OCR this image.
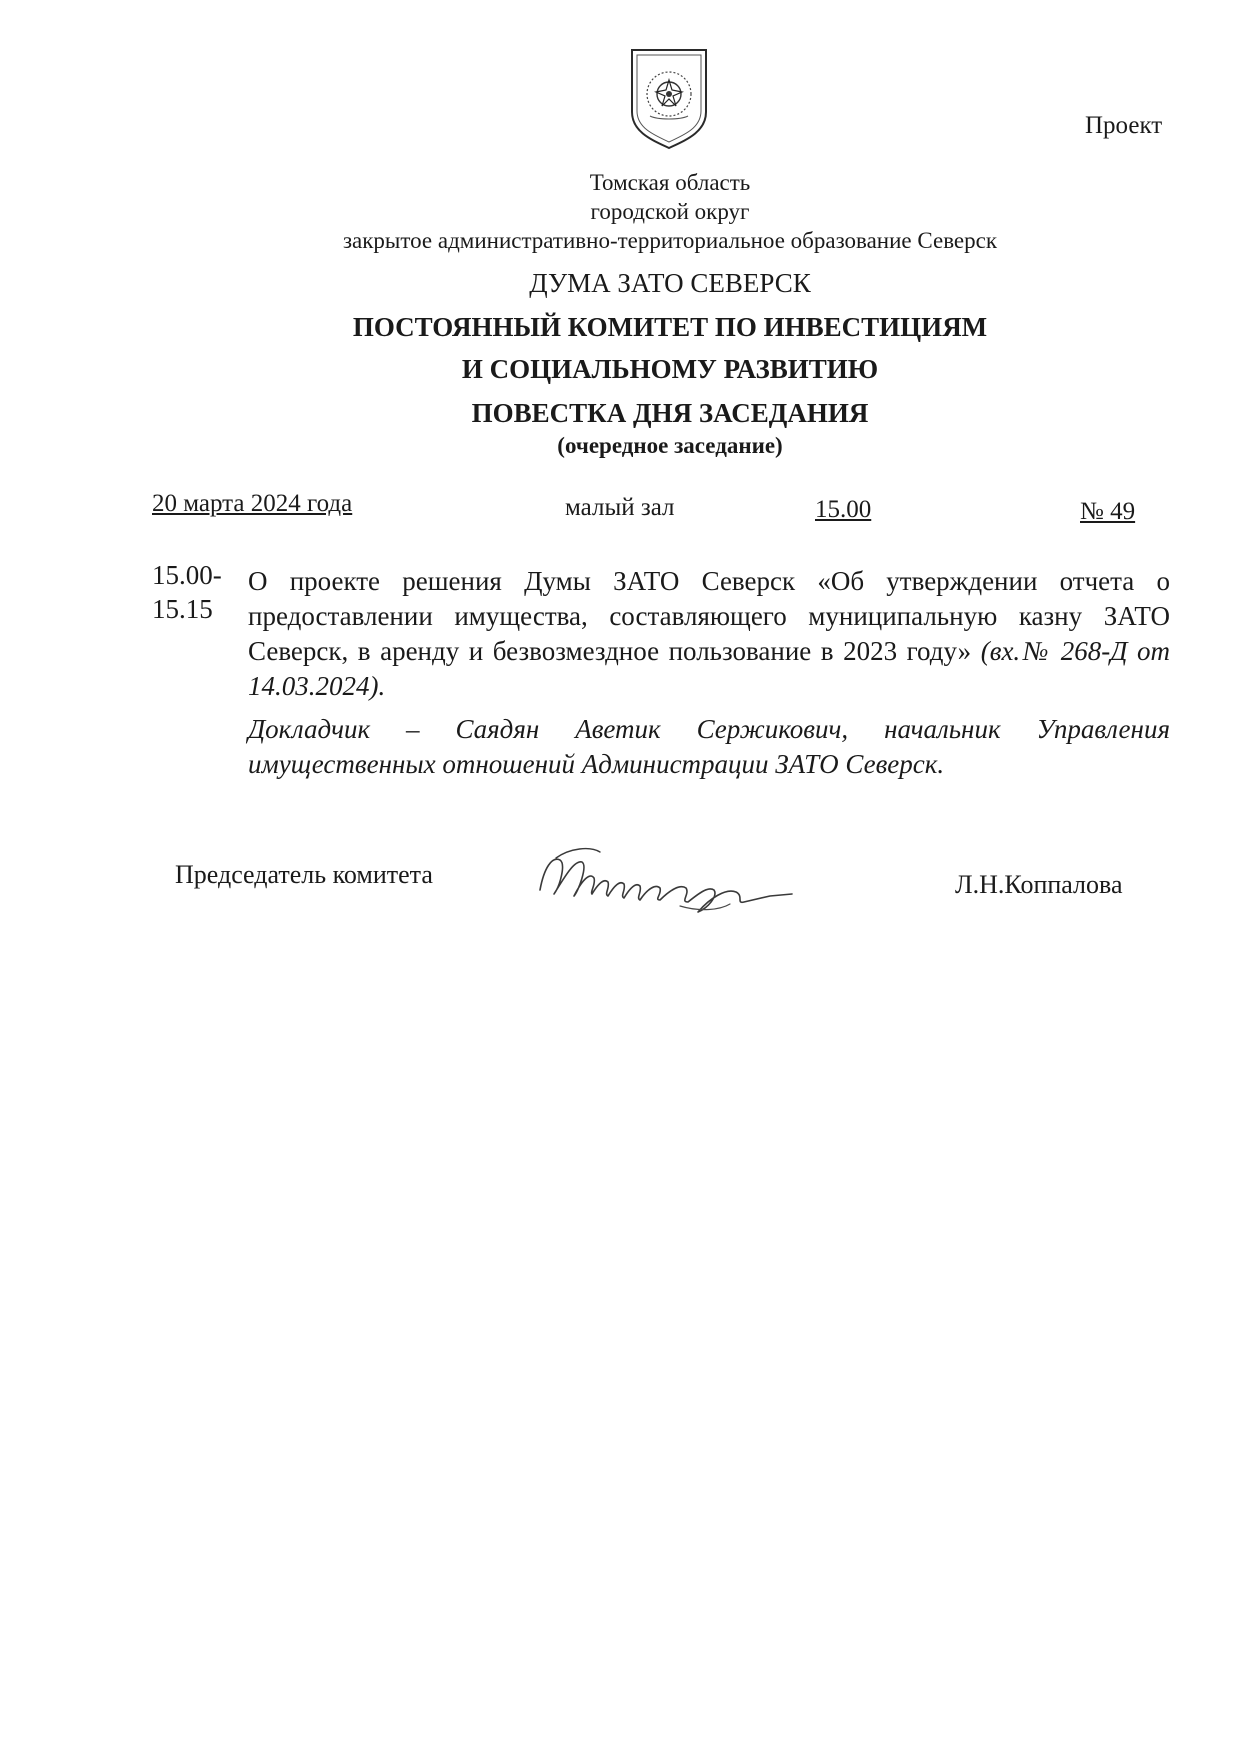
Проект
Томская область
городской округ
закрытое административно-территориальное образование Северск
ДУМА ЗАТО СЕВЕРСК
ПОСТОЯННЫЙ КОМИТЕТ ПО ИНВЕСТИЦИЯМ
И СОЦИАЛЬНОМУ РАЗВИТИЮ
ПОВЕСТКА ДНЯ ЗАСЕДАНИЯ
(очередное заседание)
20 марта 2024 года	малый зал	15.00	№ 49
15.00-
15.15
О проекте решения Думы ЗАТО Северск «Об утверждении отчета о предоставлении имущества, составляющего муниципальную казну ЗАТО Северск, в аренду и безвозмездное пользование в 2023 году» (вх.№ 268-Д от 14.03.2024).
Докладчик – Саядян Аветик Сержикович, начальник Управления имущественных отношений Администрации ЗАТО Северск.
Председатель комитета	Л.Н.Коппалова
